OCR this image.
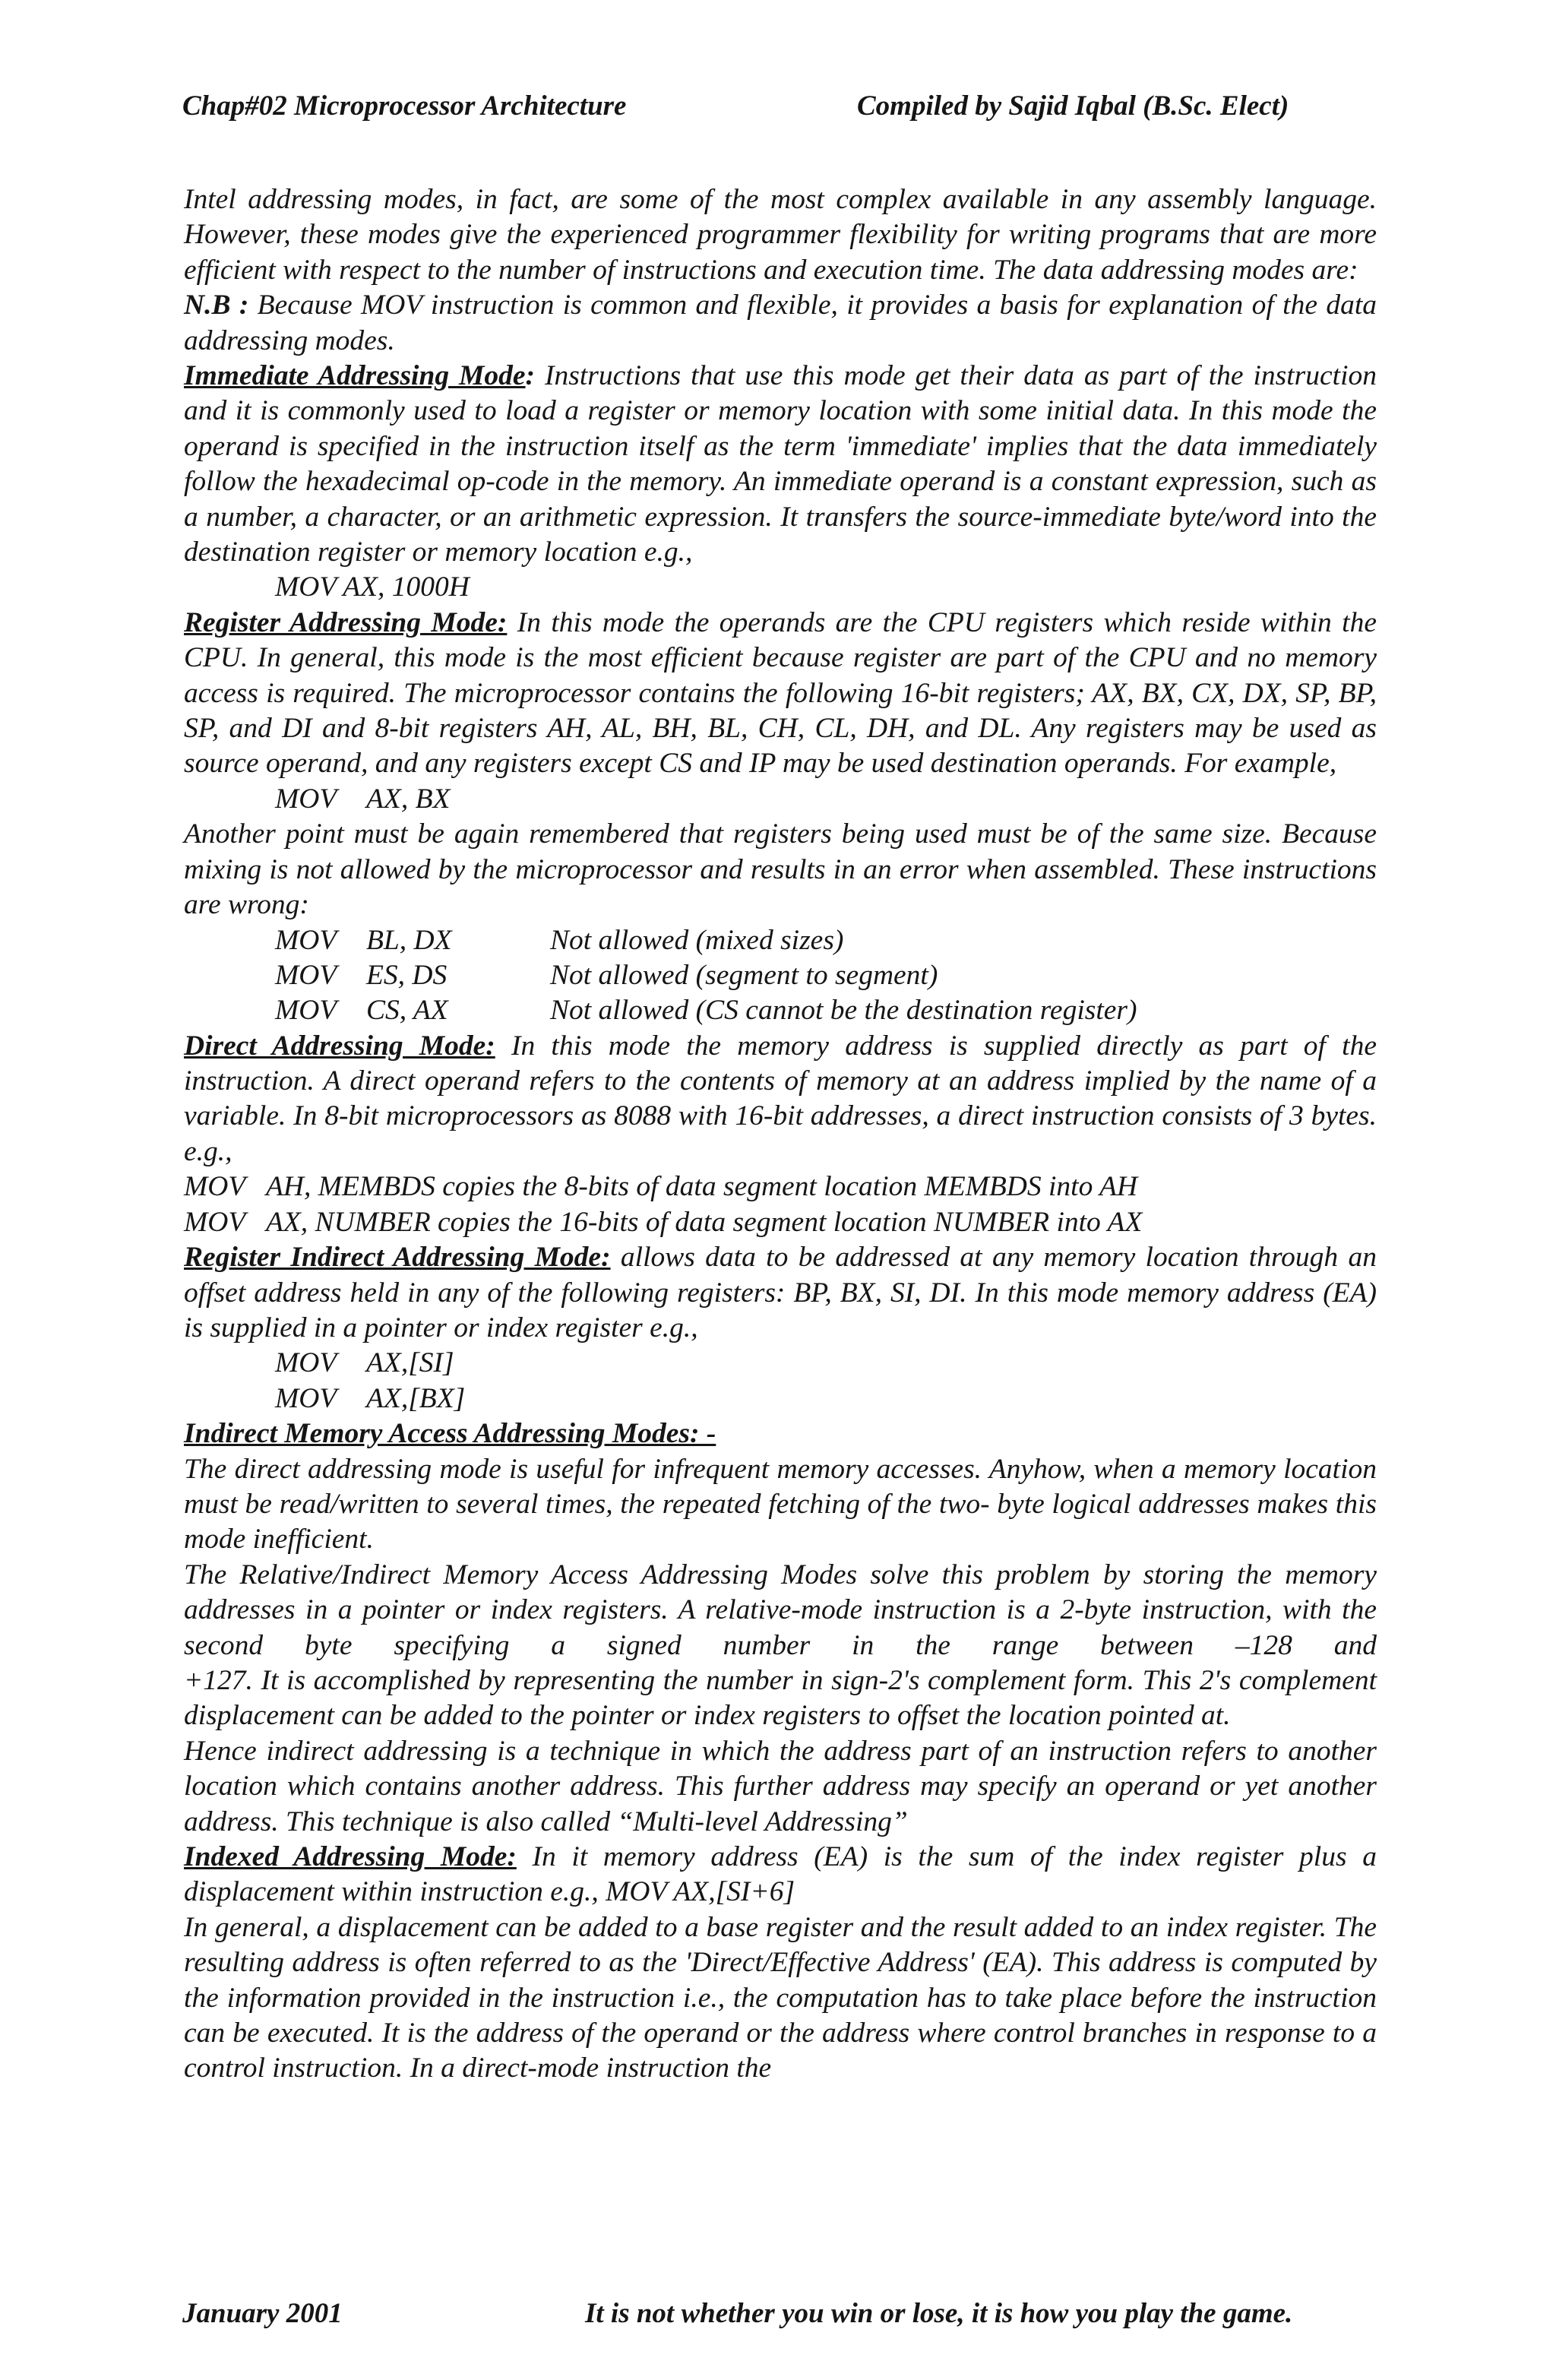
Chap#02 Microprocessor Architecture	Compiled by Sajid Iqbal (B.Sc. Elect)

Intel addressing modes, in fact, are some of the most complex available in any assembly language. However, these modes give the experienced programmer flexibility for writing programs that are more efficient with respect to the number of instructions and execution time. The data addressing modes are:

N.B : Because MOV instruction is common and flexible, it provides a basis for explanation of the data addressing modes.

Immediate Addressing Mode: Instructions that use this mode get their data as part of the instruction and it is commonly used to load a register or memory location with some initial data. In this mode the operand is specified in the instruction itself as the term 'immediate' implies that the data immediately follow the hexadecimal op-code in the memory. An immediate operand is a constant expression, such as a number, a character, or an arithmetic expression. It transfers the source-immediate byte/word into the destination register or memory location e.g.,

MOV AX, 1000H

Register Addressing Mode: In this mode the operands are the CPU registers which reside within the CPU. In general, this mode is the most efficient because register are part of the CPU and no memory access is required. The microprocessor contains the following 16-bit registers; AX, BX, CX, DX, SP, BP, SP, and DI and 8-bit registers AH, AL, BH, BL, CH, CL, DH, and DL. Any registers may be used as source operand, and any registers except CS and IP may be used destination operands. For example,

MOV AX, BX

Another point must be again remembered that registers being used must be of the same size. Because mixing is not allowed by the microprocessor and results in an error when assembled. These instructions are wrong:

MOV BL, DX	Not allowed (mixed sizes)
MOV ES, DS	Not allowed (segment to segment)
MOV CS, AX	Not allowed (CS cannot be the destination register)

Direct Addressing Mode: In this mode the memory address is supplied directly as part of the instruction. A direct operand refers to the contents of memory at an address implied by the name of a variable. In 8-bit microprocessors as 8088 with 16-bit addresses, a direct instruction consists of 3 bytes. e.g.,

MOV   AH, MEMBDS copies the 8-bits of data segment location MEMBDS into AH

MOV   AX, NUMBER copies the 16-bits of data segment location NUMBER into AX

Register Indirect Addressing Mode: allows data to be addressed at any memory location through an offset address held in any of the following registers: BP, BX, SI, DI. In this mode memory address (EA) is supplied in a pointer or index register e.g.,

MOV AX,[SI]
MOV AX,[BX]

Indirect Memory Access Addressing Modes: -

The direct addressing mode is useful for infrequent memory accesses. Anyhow, when a memory location must be read/written to several times, the repeated fetching of the two- byte logical addresses makes this mode inefficient.

The Relative/Indirect Memory Access Addressing Modes solve this problem by storing the memory addresses in a pointer or index registers. A relative-mode instruction is a 2-byte instruction, with the second byte specifying a signed number in the range between –128 and

+127. It is accomplished by representing the number in sign-2's complement form. This 2's complement displacement can be added to the pointer or index registers to offset the location pointed at.

Hence indirect addressing is a technique in which the address part of an instruction refers to another location which contains another address. This further address may specify an operand or yet another address. This technique is also called “Multi-level Addressing”

Indexed Addressing Mode: In it memory address (EA) is the sum of the index register plus a displacement within instruction e.g., MOV AX,[SI+6]

In general, a displacement can be added to a base register and the result added to an index register. The resulting address is often referred to as the 'Direct/Effective Address' (EA). This address is computed by the information provided in the instruction i.e., the computation has to take place before the instruction can be executed. It is the address of the operand or the address where control branches in response to a control instruction. In a direct-mode instruction the

January 2001	It is not whether you win or lose, it is how you play the game.
